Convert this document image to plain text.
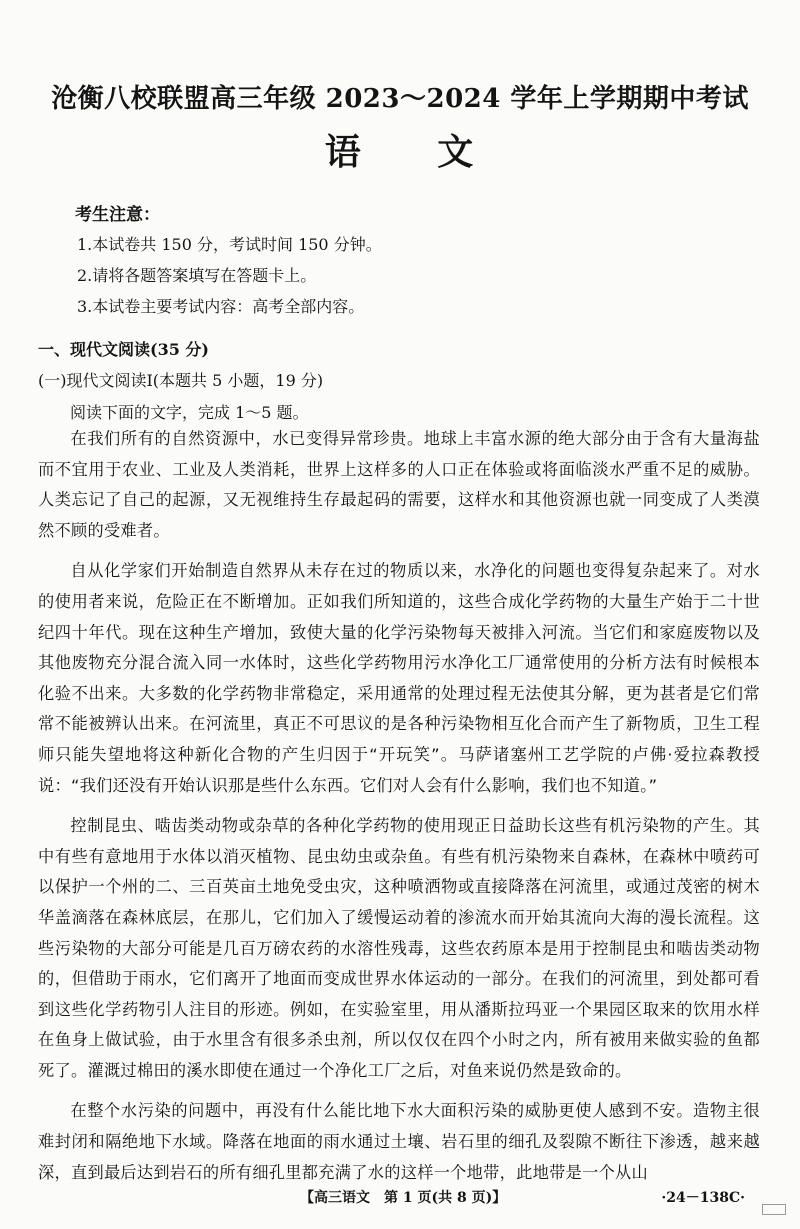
沧衡八校联盟高三年级 2023～2024 学年上学期期中考试
语 文

考生注意：

1.本试卷共 150 分，考试时间 150 分钟。

2.请将各题答案填写在答题卡上。

3.本试卷主要考试内容：高考全部内容。

一、现代文阅读(35 分)
(一)现代文阅读Ⅰ(本题共 5 小题，19 分)
阅读下面的文字，完成 1～5 题。

在我们所有的自然资源中，水已变得异常珍贵。地球上丰富水源的绝大部分由于含有大量海盐而不宜用于农业、工业及人类消耗，世界上这样多的人口正在体验或将面临淡水严重不足的威胁。人类忘记了自己的起源，又无视维持生存最起码的需要，这样水和其他资源也就一同变成了人类漠然不顾的受难者。

自从化学家们开始制造自然界从未存在过的物质以来，水净化的问题也变得复杂起来了。对水的使用者来说，危险正在不断增加。正如我们所知道的，这些合成化学药物的大量生产始于二十世纪四十年代。现在这种生产增加，致使大量的化学污染物每天被排入河流。当它们和家庭废物以及其他废物充分混合流入同一水体时，这些化学药物用污水净化工厂通常使用的分析方法有时候根本化验不出来。大多数的化学药物非常稳定，采用通常的处理过程无法使其分解，更为甚者是它们常常不能被辨认出来。在河流里，真正不可思议的是各种污染物相互化合而产生了新物质，卫生工程师只能失望地将这种新化合物的产生归因于“开玩笑”。马萨诸塞州工艺学院的卢佛·爱拉森教授说：“我们还没有开始认识那是些什么东西。它们对人会有什么影响，我们也不知道。”

控制昆虫、啮齿类动物或杂草的各种化学药物的使用现正日益助长这些有机污染物的产生。其中有些有意地用于水体以消灭植物、昆虫幼虫或杂鱼。有些有机污染物来自森林，在森林中喷药可以保护一个州的二、三百英亩土地免受虫灾，这种喷洒物或直接降落在河流里，或通过茂密的树木华盖滴落在森林底层，在那儿，它们加入了缓慢运动着的渗流水而开始其流向大海的漫长流程。这些污染物的大部分可能是几百万磅农药的水溶性残毒，这些农药原本是用于控制昆虫和啮齿类动物的，但借助于雨水，它们离开了地面而变成世界水体运动的一部分。在我们的河流里，到处都可看到这些化学药物引人注目的形迹。例如，在实验室里，用从潘斯拉玛亚一个果园区取来的饮用水样在鱼身上做试验，由于水里含有很多杀虫剂，所以仅仅在四个小时之内，所有被用来做实验的鱼都死了。灌溉过棉田的溪水即使在通过一个净化工厂之后，对鱼来说仍然是致命的。

在整个水污染的问题中，再没有什么能比地下水大面积污染的威胁更使人感到不安。造物主很难封闭和隔绝地下水域。降落在地面的雨水通过土壤、岩石里的细孔及裂隙不断往下渗透，越来越深，直到最后达到岩石的所有细孔里都充满了水的这样一个地带，此地带是一个从山

【高三语文　第 1 页(共 8 页)】	·24－138C·
